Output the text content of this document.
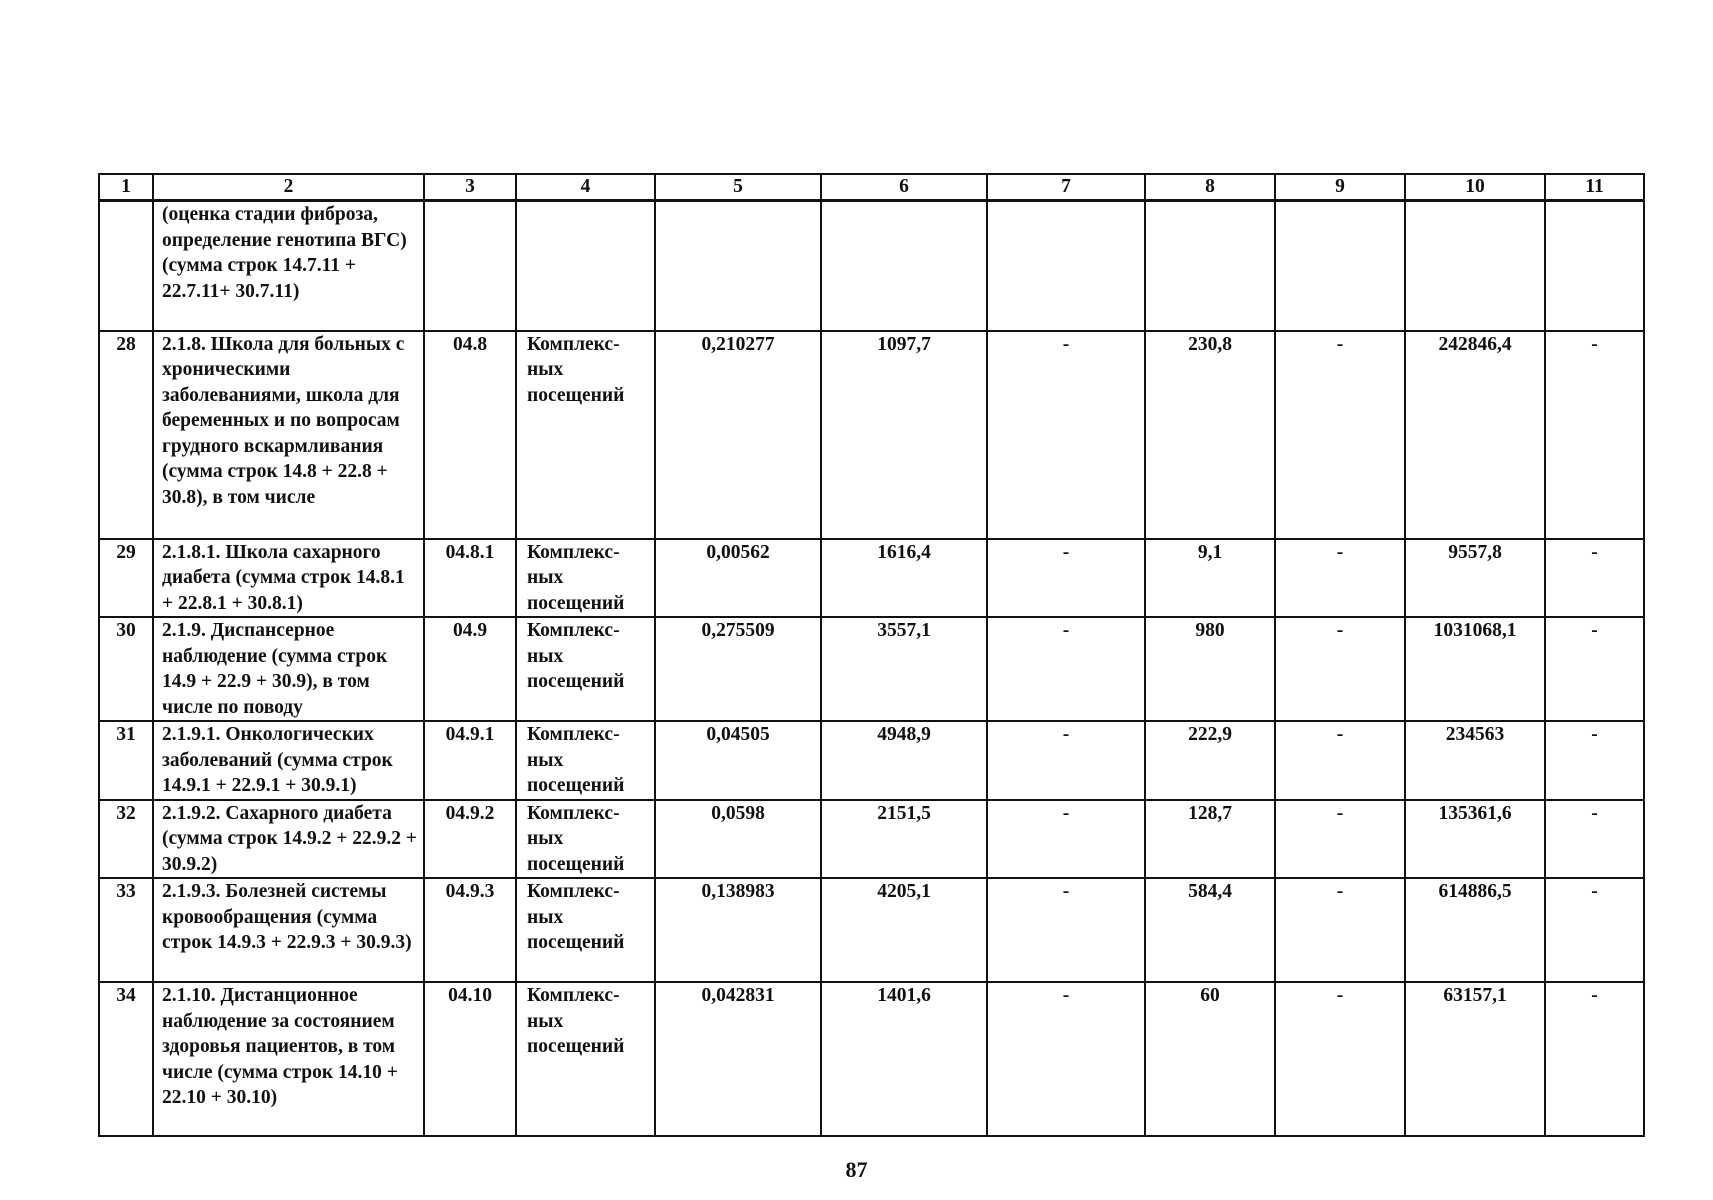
1	2	3	4	5	6	7	8	9	10	11
	(оценка стадии фиброза, определение генотипа ВГС) (сумма строк 14.7.11 + 22.7.11+ 30.7.11)									
28	2.1.8. Школа для больных с хроническими заболеваниями, школа для беременных и по вопросам грудного вскармливания (сумма строк 14.8 + 22.8 + 30.8), в том числе	04.8	Комплекс-ных посещений	0,210277	1097,7	-	230,8	-	242846,4	-
29	2.1.8.1. Школа сахарного диабета (сумма строк 14.8.1 + 22.8.1 + 30.8.1)	04.8.1	Комплекс-ных посещений	0,00562	1616,4	-	9,1	-	9557,8	-
30	2.1.9. Диспансерное наблюдение (сумма строк 14.9 + 22.9 + 30.9), в том числе по поводу	04.9	Комплекс-ных посещений	0,275509	3557,1	-	980	-	1031068,1	-
31	2.1.9.1. Онкологических заболеваний (сумма строк 14.9.1 + 22.9.1 + 30.9.1)	04.9.1	Комплекс-ных посещений	0,04505	4948,9	-	222,9	-	234563	-
32	2.1.9.2. Сахарного диабета (сумма строк 14.9.2 + 22.9.2 + 30.9.2)	04.9.2	Комплекс-ных посещений	0,0598	2151,5	-	128,7	-	135361,6	-
33	2.1.9.3. Болезней системы кровообращения (сумма строк 14.9.3 + 22.9.3 + 30.9.3)	04.9.3	Комплекс-ных посещений	0,138983	4205,1	-	584,4	-	614886,5	-
34	2.1.10. Дистанционное наблюдение за состоянием здоровья пациентов, в том числе (сумма строк 14.10 + 22.10 + 30.10)	04.10	Комплекс-ных посещений	0,042831	1401,6	-	60	-	63157,1	-
87
